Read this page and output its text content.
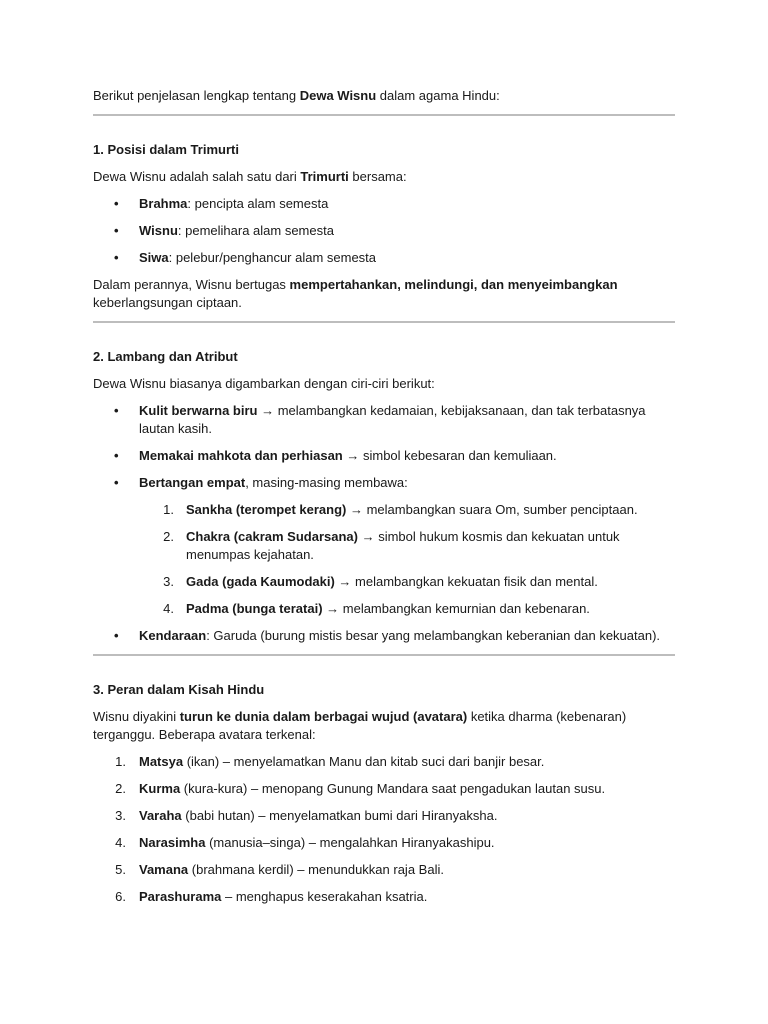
Berikut penjelasan lengkap tentang Dewa Wisnu dalam agama Hindu:

1. Posisi dalam Trimurti

Dewa Wisnu adalah salah satu dari Trimurti bersama:

• Brahma: pencipta alam semesta
• Wisnu: pemelihara alam semesta
• Siwa: pelebur/penghancur alam semesta

Dalam perannya, Wisnu bertugas mempertahankan, melindungi, dan menyeimbangkan keberlangsungan ciptaan.

2. Lambang dan Atribut

Dewa Wisnu biasanya digambarkan dengan ciri-ciri berikut:

• Kulit berwarna biru → melambangkan kedamaian, kebijaksanaan, dan tak terbatasnya lautan kasih.
• Memakai mahkota dan perhiasan → simbol kebesaran dan kemuliaan.
• Bertangan empat, masing-masing membawa:
1. Sankha (terompet kerang) → melambangkan suara Om, sumber penciptaan.
2. Chakra (cakram Sudarsana) → simbol hukum kosmis dan kekuatan untuk menumpas kejahatan.
3. Gada (gada Kaumodaki) → melambangkan kekuatan fisik dan mental.
4. Padma (bunga teratai) → melambangkan kemurnian dan kebenaran.
• Kendaraan: Garuda (burung mistis besar yang melambangkan keberanian dan kekuatan).

3. Peran dalam Kisah Hindu

Wisnu diyakini turun ke dunia dalam berbagai wujud (avatara) ketika dharma (kebenaran) terganggu. Beberapa avatara terkenal:

1. Matsya (ikan) – menyelamatkan Manu dan kitab suci dari banjir besar.
2. Kurma (kura-kura) – menopang Gunung Mandara saat pengadukan lautan susu.
3. Varaha (babi hutan) – menyelamatkan bumi dari Hiranyaksha.
4. Narasimha (manusia–singa) – mengalahkan Hiranyakashipu.
5. Vamana (brahmana kerdil) – menundukkan raja Bali.
6. Parashurama – menghapus keserakahan ksatria.
